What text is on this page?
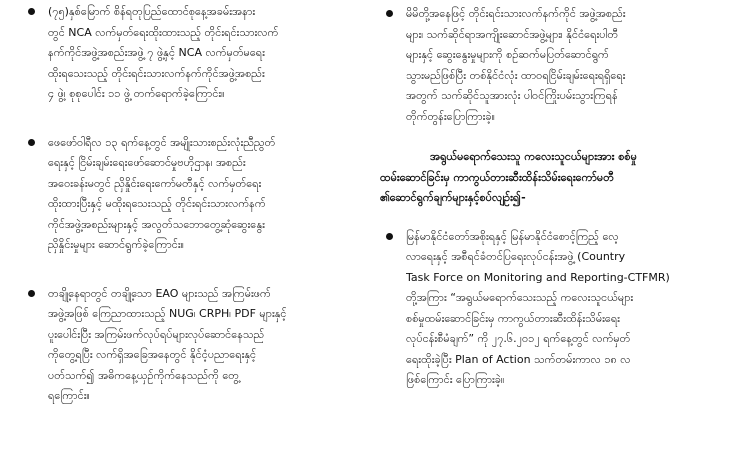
(၇၅)နှစ်မြောက် စိန်ရတုပြည်ထောင်စုနေ့အခမ်းအနား
တွင် NCA လက်မှတ်ရေးထိုးထားသည့် တိုင်းရင်းသားလက်
နက်ကိုင်အဖွဲ့အစည်းအဖွဲ့ ၇ ဖွဲ့နှင့် NCA လက်မှတ်မရေး
ထိုးရသေးသည့် တိုင်းရင်းသားလက်နက်ကိုင်အဖွဲ့အစည်း
၄ ဖွဲ့၊ စုစုပေါင်း ၁၁ ဖွဲ့ တက်ရောက်ခဲ့ကြောင်း။
ဖေဖော်ဝါရီလ ၁၃ ရက်နေ့တွင် အမျိုးသားစည်းလုံးညီညွတ်
ရေးနှင့် ငြိမ်းချမ်းရေးဖော်ဆောင်မှုဗဟိုဌာန၊ အစည်း
အဝေးခန်းမတွင် ညှိနှိုင်းရေးကော်မတီနှင့် လက်မှတ်ရေး
ထိုးထားပြီးနှင့် မထိုးရသေးသည့် တိုင်းရင်းသားလက်နက်
ကိုင်အဖွဲ့အစည်းများနှင့် အလွတ်သဘောတွေ့ဆုံဆွေးနွေး
ညှိနှိုင်းမှုများ ဆောင်ရွက်ခဲ့ကြောင်း။
တချို့နေရာတွင် တချို့သော EAO များသည် အကြမ်းဖက်
အဖွဲ့အဖြစ် ကြေညာထားသည့် NUG၊ CRPH၊ PDF များနှင့်
ပူးပေါင်းပြီး အကြမ်းဖက်လုပ်ရပ်များလုပ်ဆောင်နေသည်
ကိုတွေ့ရပြီး လက်ရှိအခြေအနေတွင် နိုင်ငံ့ပညာရေးနှင့်
ပတ်သက်၍ အဓိကနေ့ယှဉ်ကိုက်နေသည်ကို တွေ့
ရကြောင်း။
မိမိတို့အနေဖြင့် တိုင်းရင်းသားလက်နက်ကိုင် အဖွဲ့အစည်း
များ၊ သက်ဆိုင်ရာအကျိုးဆောင်အဖွဲ့များ၊ နိုင်ငံရေးပါတီ
များနှင့် ဆွေးနွေးမှုများကို စဉ်ဆက်မပြတ်ဆောင်ရွက်
သွားမည်ဖြစ်ပြီး တစ်နိုင်ငံလုံး ထာဝရငြိမ်းချမ်းရေးရရှိရေး
အတွက် သက်ဆိုင်သူအားလုံး ပါဝင်ကြိုးပမ်းသွားကြရန်
တိုက်တွန်းပြောကြားခဲ့။
အရွယ်မရောက်သေးသူ ကလေးသူငယ်များအား စစ်မှု
ထမ်းဆောင်ခြင်းမှ ကာကွယ်တားဆီးထိန်းသိမ်းရေးကော်မတီ
၏ဆောင်ရွက်ချက်များနှင့်စပ်လျဉ်း၍-
မြန်မာနိုင်ငံတော်အစိုးရနှင့် မြန်မာနိုင်ငံစောင့်ကြည့် လေ့
လာရေးနှင့် အစီရင်ခံတင်ပြရေးလုပ်ငန်းအဖွဲ့ (Country
Task Force on Monitoring and Reporting-CTFMR)
တို့အကြား “အရွယ်မရောက်သေးသည့် ကလေးသူငယ်များ
စစ်မှုထမ်းဆောင်ခြင်းမှ ကာကွယ်တားဆီးထိန်းသိမ်းရေး
လုပ်ငန်းစီမံချက်” ကို ၂၇.၆.၂၀၁၂ ရက်နေ့တွင် လက်မှတ်
ရေးထိုးခဲ့ပြီး Plan of Action သက်တမ်းကာလ ၁၈ လ
ဖြစ်ကြောင်း ပြောကြားခဲ့။
